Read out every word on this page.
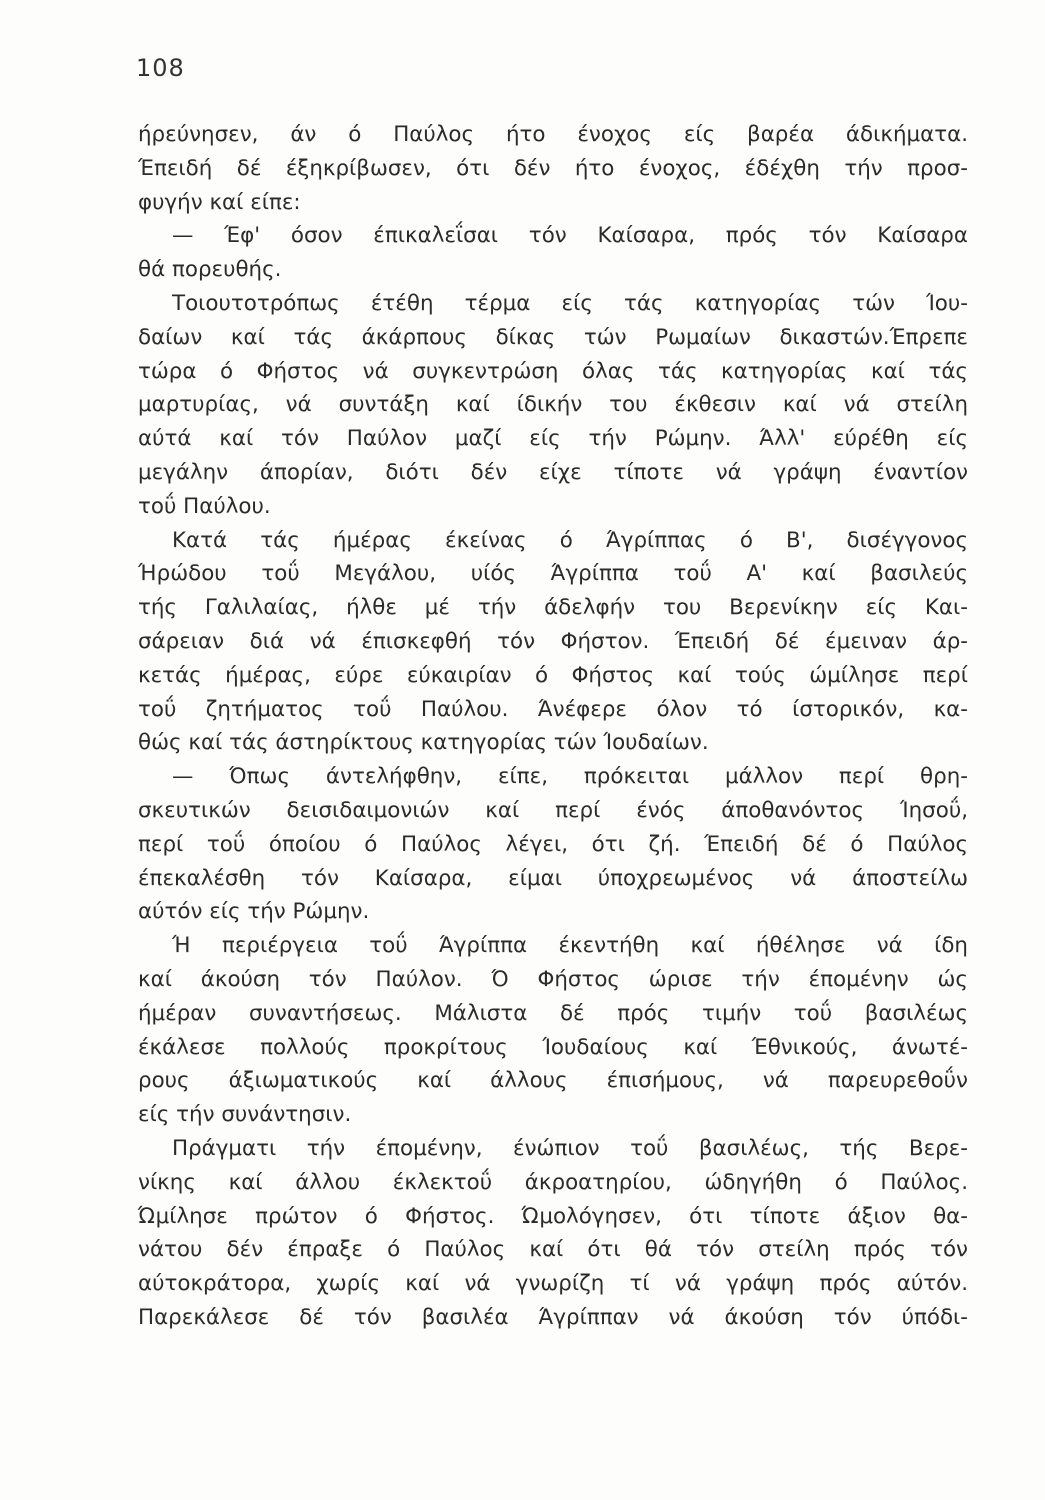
108
ήρεύνησεν, άν ό Παύλος ήτο ένοχος είς βαρέα άδικήματα.
Έπειδή δέ έξηκρίβωσεν, ότι δέν ήτο ένοχος, έδέχθη τήν προσ-
φυγήν καί είπε:
— Έφ' όσον έπικαλεΐσαι τόν Καίσαρα, πρός τόν Καίσαρα
θά πορευθής.
Τοιουτοτρόπως έτέθη τέρμα είς τάς κατηγορίας τών Ίου-
δαίων καί τάς άκάρπους δίκας τών Ρωμαίων δικαστών.Έπρεπε
τώρα ό Φήστος νά συγκεντρώση όλας τάς κατηγορίας καί τάς
μαρτυρίας, νά συντάξη καί ίδικήν του έκθεσιν καί νά στείλη
αύτά καί τόν Παύλον μαζί είς τήν Ρώμην. Άλλ' εύρέθη είς
μεγάλην άπορίαν, διότι δέν είχε τίποτε νά γράψη έναντίον
τοΰ Παύλου.
Κατά τάς ήμέρας έκείνας ό Άγρίππας ό Β', δισέγγονος
Ήρώδου τοΰ Μεγάλου, υίός Άγρίππα τοΰ Α' καί βασιλεύς
τής Γαλιλαίας, ήλθε μέ τήν άδελφήν του Βερενίκην είς Και-
σάρειαν διά νά έπισκεφθή τόν Φήστον. Έπειδή δέ έμειναν άρ-
κετάς ήμέρας, εύρε εύκαιρίαν ό Φήστος καί τούς ώμίλησε περί
τοΰ ζητήματος τοΰ Παύλου. Άνέφερε όλον τό ίστορικόν, κα-
θώς καί τάς άστηρίκτους κατηγορίας τών Ίουδαίων.
— Όπως άντελήφθην, είπε, πρόκειται μάλλον περί θρη-
σκευτικών δεισιδαιμονιών καί περί ένός άποθανόντος Ίησοΰ,
περί τοΰ όποίου ό Παύλος λέγει, ότι ζή. Έπειδή δέ ό Παύλος
έπεκαλέσθη τόν Καίσαρα, είμαι ύποχρεωμένος νά άποστείλω
αύτόν είς τήν Ρώμην.
Ή περιέργεια τοΰ Άγρίππα έκεντήθη καί ήθέλησε νά ίδη
καί άκούση τόν Παύλον. Ό Φήστος ώρισε τήν έπομένην ώς
ήμέραν συναντήσεως. Μάλιστα δέ πρός τιμήν τοΰ βασιλέως
έκάλεσε πολλούς προκρίτους Ίουδαίους καί Έθνικούς, άνωτέ-
ρους άξιωματικούς καί άλλους έπισήμους, νά παρευρεθοΰν
είς τήν συνάντησιν.
Πράγματι τήν έπομένην, ένώπιον τοΰ βασιλέως, τής Βερε-
νίκης καί άλλου έκλεκτοΰ άκροατηρίου, ώδηγήθη ό Παύλος.
Ώμίλησε πρώτον ό Φήστος. Ώμολόγησεν, ότι τίποτε άξιον θα-
νάτου δέν έπραξε ό Παύλος καί ότι θά τόν στείλη πρός τόν
αύτοκράτορα, χωρίς καί νά γνωρίζη τί νά γράψη πρός αύτόν.
Παρεκάλεσε δέ τόν βασιλέα Άγρίππαν νά άκούση τόν ύπόδι-
